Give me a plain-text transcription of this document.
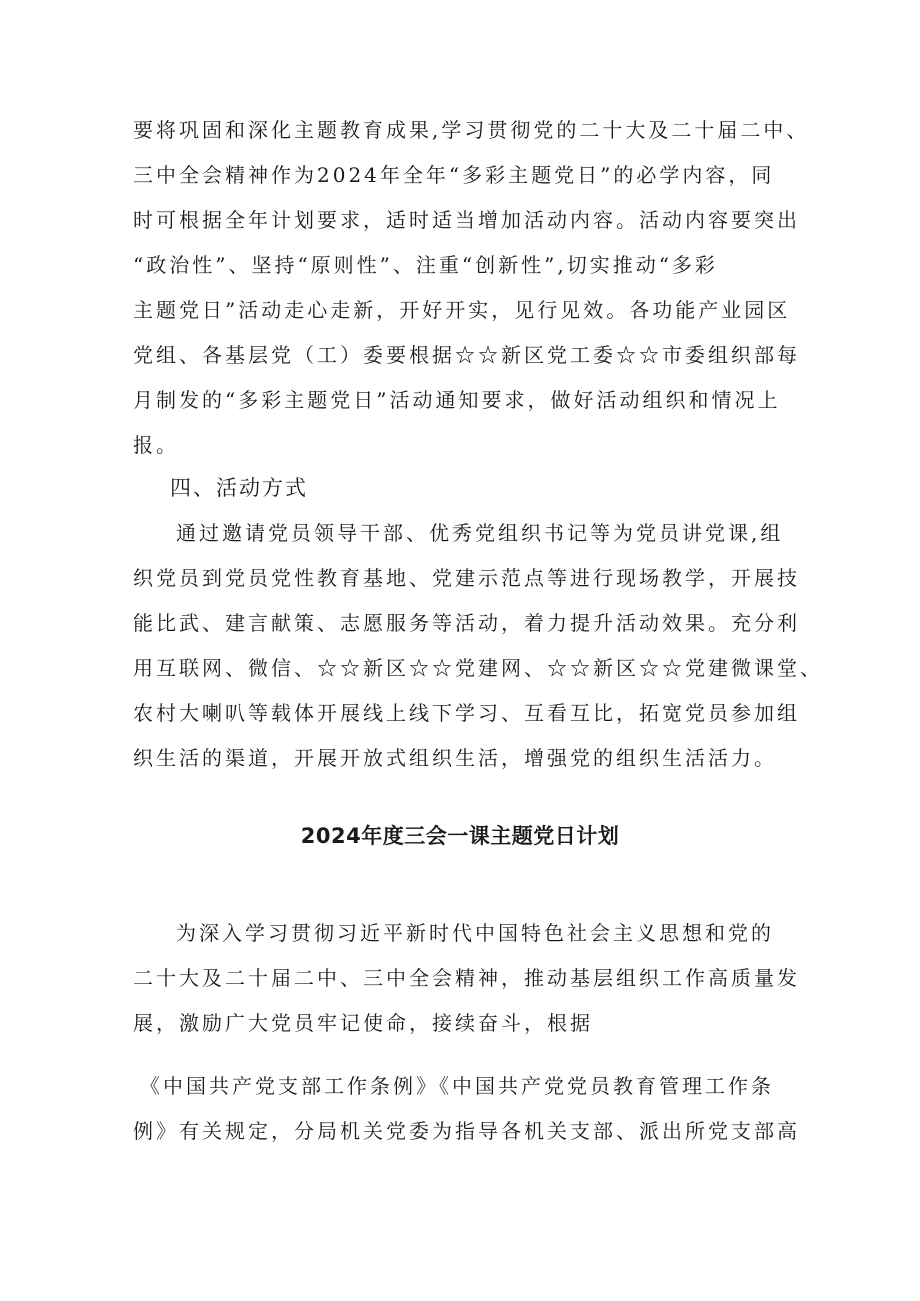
要将巩固和深化主题教育成果,学习贯彻党的二十大及二十届二中、
三中全会精神作为2024年全年“多彩主题党日”的必学内容，同
时可根据全年计划要求，适时适当增加活动内容。活动内容要突出
“政治性”、坚持“原则性”、注重“创新性”,切实推动“多彩
主题党日”活动走心走新，开好开实，见行见效。各功能产业园区
党组、各基层党（工）委要根据☆☆新区党工委☆☆市委组织部每
月制发的“多彩主题党日”活动通知要求，做好活动组织和情况上
报。
四、活动方式
通过邀请党员领导干部、优秀党组织书记等为党员讲党课,组
织党员到党员党性教育基地、党建示范点等进行现场教学，开展技
能比武、建言献策、志愿服务等活动，着力提升活动效果。充分利
用互联网、微信、☆☆新区☆☆党建网、☆☆新区☆☆党建微课堂、
农村大喇叭等载体开展线上线下学习、互看互比，拓宽党员参加组
织生活的渠道，开展开放式组织生活，增强党的组织生活活力。
2024年度三会一课主题党日计划
为深入学习贯彻习近平新时代中国特色社会主义思想和党的
二十大及二十届二中、三中全会精神，推动基层组织工作高质量发
展，激励广大党员牢记使命，接续奋斗，根据
《中国共产党支部工作条例》《中国共产党党员教育管理工作条
例》有关规定，分局机关党委为指导各机关支部、派出所党支部高
